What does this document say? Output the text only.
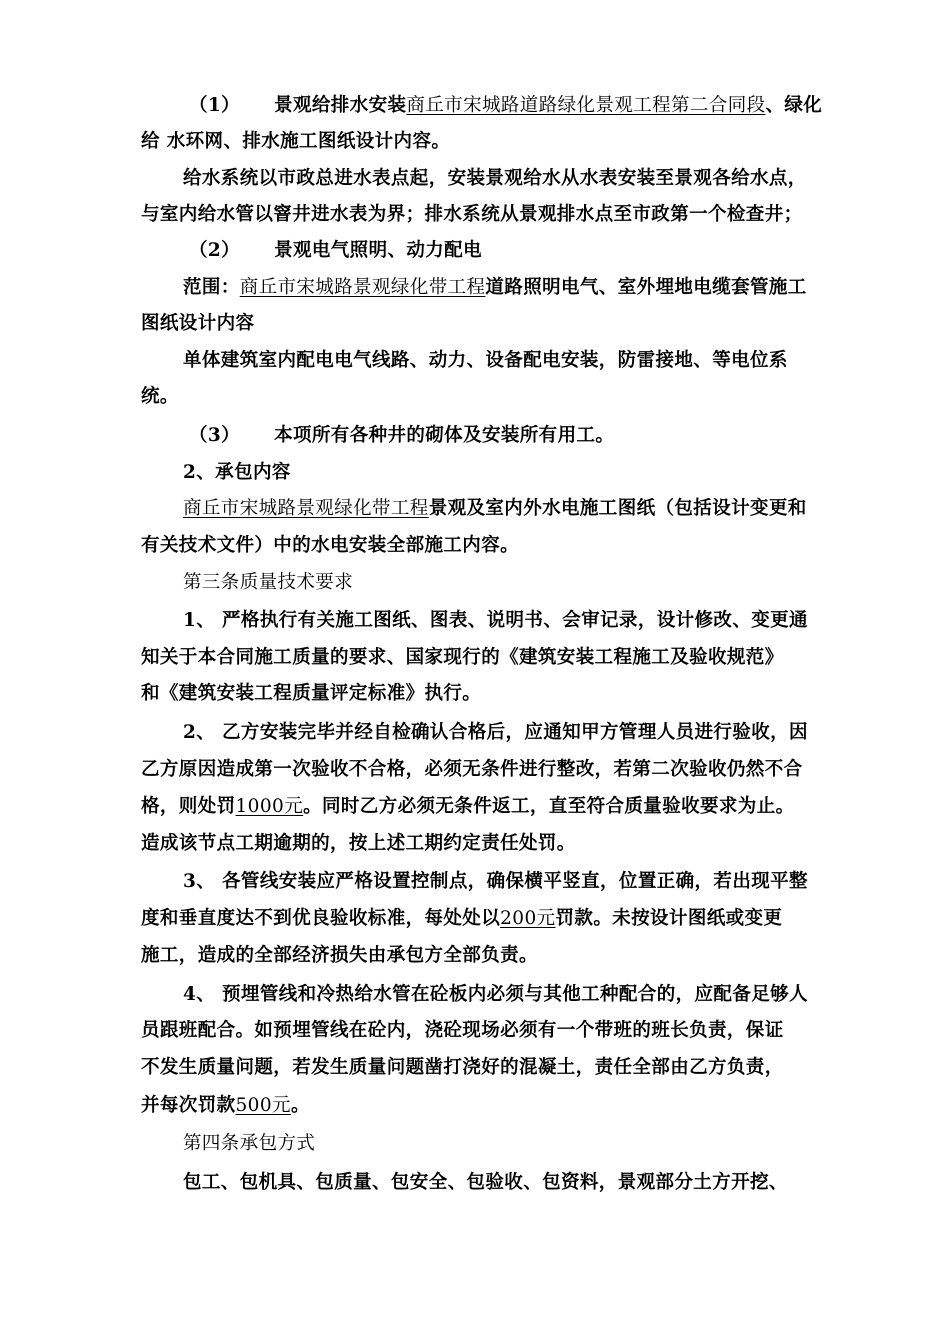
（1） 景观给排水安装商丘市宋城路道路绿化景观工程第二合同段、绿化
给 水环网、排水施工图纸设计内容。
给水系统以市政总进水表点起，安装景观给水从水表安装至景观各给水点，
与室内给水管以窨井进水表为界；排水系统从景观排水点至市政第一个检查井；
（2） 景观电气照明、动力配电
范围：商丘市宋城路景观绿化带工程道路照明电气、室外埋地电缆套管施工
图纸设计内容
单体建筑室内配电电气线路、动力、设备配电安装，防雷接地、等电位系
统。
（3） 本项所有各种井的砌体及安装所有用工。
2、承包内容
商丘市宋城路景观绿化带工程景观及室内外水电施工图纸（包括设计变更和
有关技术文件）中的水电安装全部施工内容。
第三条质量技术要求
1、 严格执行有关施工图纸、图表、说明书、会审记录，设计修改、变更通
知关于本合同施工质量的要求、国家现行的《建筑安装工程施工及验收规范》
和《建筑安装工程质量评定标准》执行。
2、 乙方安装完毕并经自检确认合格后，应通知甲方管理人员进行验收，因
乙方原因造成第一次验收不合格，必须无条件进行整改，若第二次验收仍然不合
格，则处罚1000元。同时乙方必须无条件返工，直至符合质量验收要求为止。
造成该节点工期逾期的，按上述工期约定责任处罚。
3、 各管线安装应严格设置控制点，确保横平竖直，位置正确，若出现平整
度和垂直度达不到优良验收标准，每处处以200元罚款。未按设计图纸或变更
施工，造成的全部经济损失由承包方全部负责。
4、 预埋管线和冷热给水管在砼板内必须与其他工种配合的，应配备足够人
员跟班配合。如预埋管线在砼内，浇砼现场必须有一个带班的班长负责，保证
不发生质量问题，若发生质量问题凿打浇好的混凝土，责任全部由乙方负责，
并每次罚款500元。
第四条承包方式
包工、包机具、包质量、包安全、包验收、包资料，景观部分土方开挖、
